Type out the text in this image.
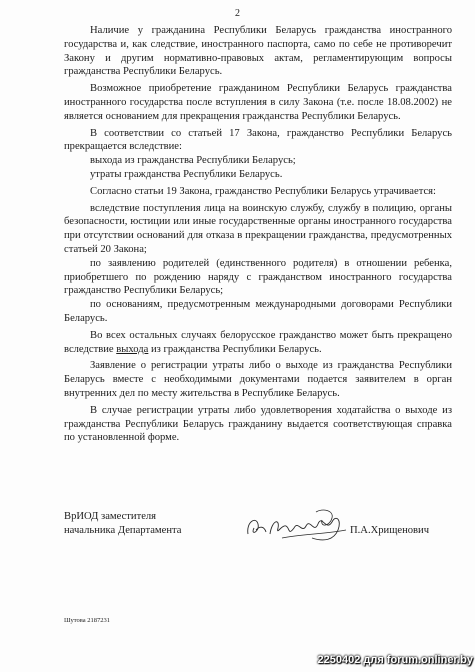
2

Наличие у гражданина Республики Беларусь гражданства иностранного государства и, как следствие, иностранного паспорта, само по себе не противоречит Закону и другим нормативно-правовых актам, регламентирующим вопросы гражданства Республики Беларусь.

Возможное приобретение гражданином Республики Беларусь гражданства иностранного государства после вступления в силу Закона (т.е. после 18.08.2002) не является основанием для прекращения гражданства Республики Беларусь.

В соответствии со статьей 17 Закона, гражданство Республики Беларусь прекращается вследствие:

выхода из гражданства Республики Беларусь;

утраты гражданства Республики Беларусь.

Согласно статьи 19 Закона, гражданство Республики Беларусь утрачивается:

вследствие поступления лица на воинскую службу, службу в полицию, органы безопасности, юстиции или иные государственные органы иностранного государства при отсутствии оснований для отказа в прекращении гражданства, предусмотренных статьей 20 Закона;

по заявлению родителей (единственного родителя) в отношении ребенка, приобретшего по рождению наряду с гражданством иностранного государства гражданство Республики Беларусь;

по основаниям, предусмотренным международными договорами Республики Беларусь.

Во всех остальных случаях белорусское гражданство может быть прекращено вследствие выхода из гражданства Республики Беларусь.

Заявление о регистрации утраты либо о выходе из гражданства Республики Беларусь вместе с необходимыми документами подается заявителем в орган внутренних дел по месту жительства в Республике Беларусь.

В случае регистрации утраты либо удовлетворения ходатайства о выходе из гражданства Республики Беларусь гражданину выдается соответствующая справка по установленной форме.

ВрИОД заместителя
начальника Департамента	П.А.Хрищенович
Шутова 2187231
2250402 для forum.onliner.by
